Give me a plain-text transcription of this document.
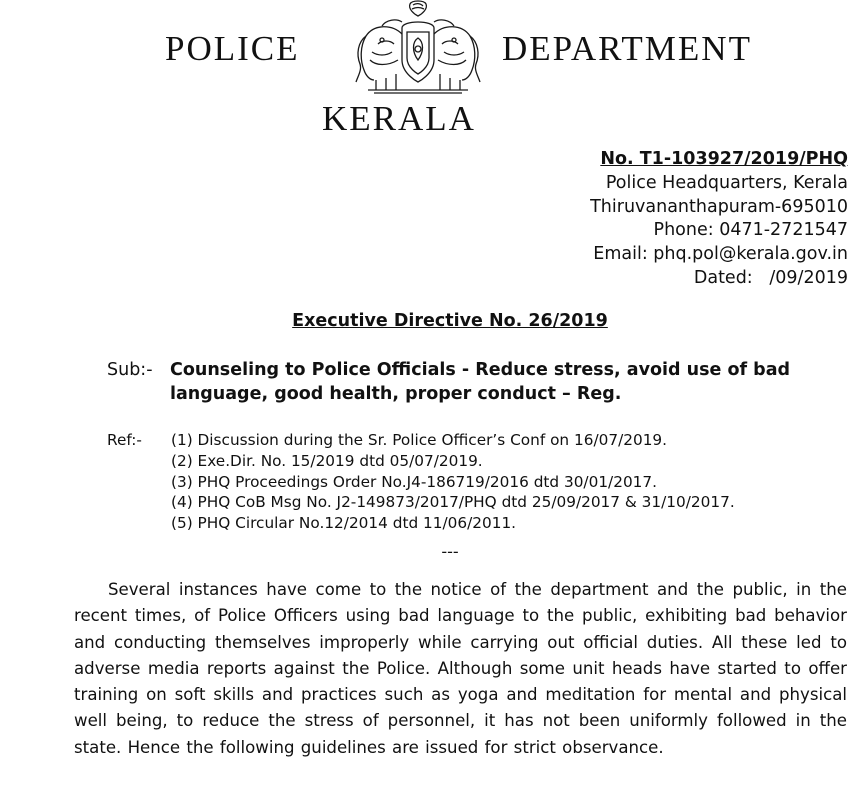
POLICE	DEPARTMENT
KERALA
No. T1-103927/2019/PHQ
Police Headquarters, Kerala
Thiruvananthapuram-695010
Phone: 0471-2721547
Email: phq.pol@kerala.gov.in
Dated:   /09/2019
Executive Directive No. 26/2019
Sub:- Counseling to Police Officials - Reduce stress, avoid use of bad language, good health, proper conduct – Reg.
Ref:- (1) Discussion during the Sr. Police Officer’s Conf on 16/07/2019.
(2) Exe.Dir. No. 15/2019 dtd 05/07/2019.
(3) PHQ Proceedings Order No.J4-186719/2016 dtd 30/01/2017.
(4) PHQ CoB Msg No. J2-149873/2017/PHQ dtd 25/09/2017 & 31/10/2017.
(5) PHQ Circular No.12/2014 dtd 11/06/2011.
---

Several instances have come to the notice of the department and the public, in the recent times, of Police Officers using bad language to the public, exhibiting bad behavior and conducting themselves improperly while carrying out official duties. All these led to adverse media reports against the Police. Although some unit heads have started to offer training on soft skills and practices such as yoga and meditation for mental and physical well being, to reduce the stress of personnel, it has not been uniformly followed in the state. Hence the following guidelines are issued for strict observance.
